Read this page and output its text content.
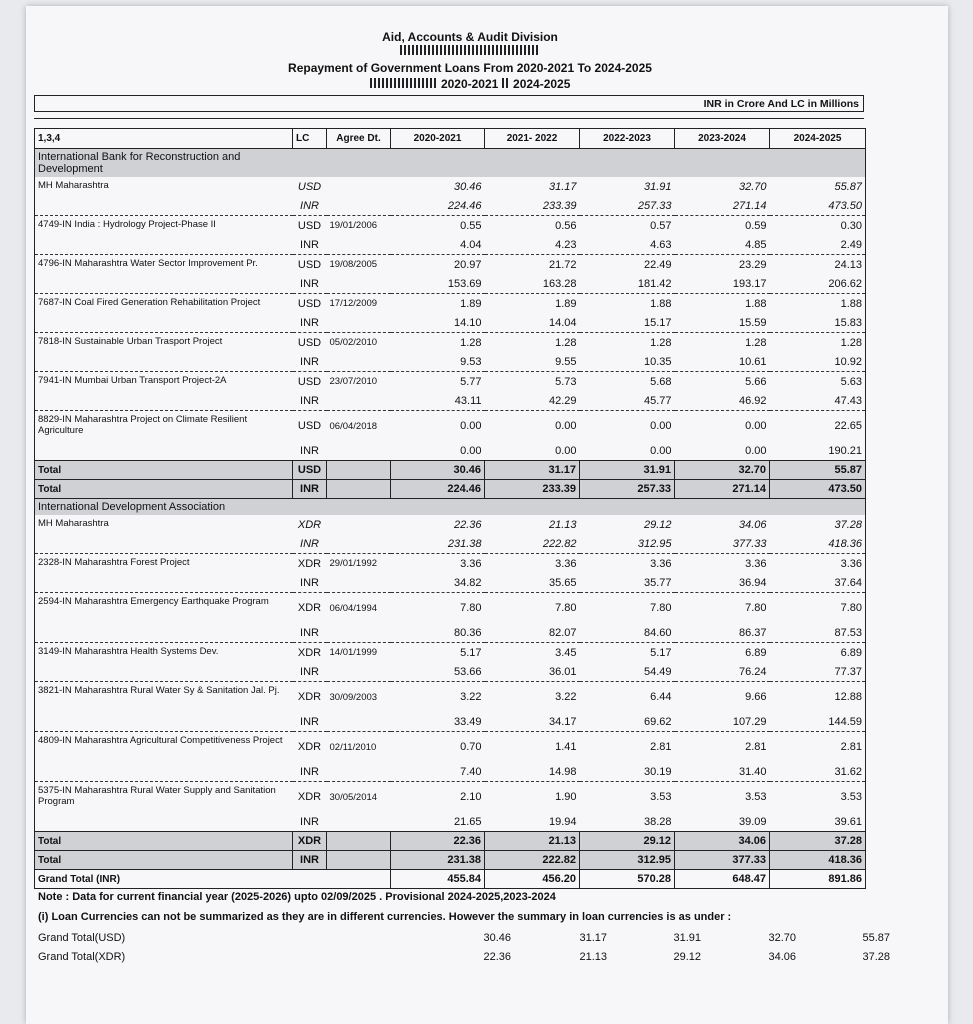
Aid, Accounts & Audit Division
Repayment of Government Loans From 2020-2021 To 2024-2025
2020-2021 2024-2025
INR in Crore And LC in Millions
1,3,4	LC	Agree Dt.	2020-2021	2021- 2022	2022-2023	2023-2024	2024-2025
International Bank for Reconstruction and Development							
MH Maharashtra	USD		30.46	31.17	31.91	32.70	55.87
	INR		224.46	233.39	257.33	271.14	473.50
4749-IN India : Hydrology Project-Phase II	USD	19/01/2006	0.55	0.56	0.57	0.59	0.30
	INR		4.04	4.23	4.63	4.85	2.49
4796-IN Maharashtra Water Sector Improvement Pr.	USD	19/08/2005	20.97	21.72	22.49	23.29	24.13
	INR		153.69	163.28	181.42	193.17	206.62
7687-IN Coal Fired Generation Rehabilitation Project	USD	17/12/2009	1.89	1.89	1.88	1.88	1.88
	INR		14.10	14.04	15.17	15.59	15.83
7818-IN Sustainable Urban Trasport Project	USD	05/02/2010	1.28	1.28	1.28	1.28	1.28
	INR		9.53	9.55	10.35	10.61	10.92
7941-IN Mumbai Urban Transport Project-2A	USD	23/07/2010	5.77	5.73	5.68	5.66	5.63
	INR		43.11	42.29	45.77	46.92	47.43
8829-IN Maharashtra Project on Climate Resilient Agriculture	USD	06/04/2018	0.00	0.00	0.00	0.00	22.65
	INR		0.00	0.00	0.00	0.00	190.21
Total	USD		30.46	31.17	31.91	32.70	55.87
Total	INR		224.46	233.39	257.33	271.14	473.50
International Development Association							
MH Maharashtra	XDR		22.36	21.13	29.12	34.06	37.28
	INR		231.38	222.82	312.95	377.33	418.36
2328-IN Maharashtra Forest Project	XDR	29/01/1992	3.36	3.36	3.36	3.36	3.36
	INR		34.82	35.65	35.77	36.94	37.64
2594-IN Maharashtra Emergency Earthquake Program	XDR	06/04/1994	7.80	7.80	7.80	7.80	7.80
	INR		80.36	82.07	84.60	86.37	87.53
3149-IN Maharashtra Health Systems Dev.	XDR	14/01/1999	5.17	3.45	5.17	6.89	6.89
	INR		53.66	36.01	54.49	76.24	77.37
3821-IN Maharashtra Rural Water Sy & Sanitation Jal. Pj.	XDR	30/09/2003	3.22	3.22	6.44	9.66	12.88
	INR		33.49	34.17	69.62	107.29	144.59
4809-IN Maharashtra Agricultural Competitiveness Project	XDR	02/11/2010	0.70	1.41	2.81	2.81	2.81
	INR		7.40	14.98	30.19	31.40	31.62
5375-IN Maharashtra Rural Water Supply and Sanitation Program	XDR	30/05/2014	2.10	1.90	3.53	3.53	3.53
	INR		21.65	19.94	38.28	39.09	39.61
Total	XDR		22.36	21.13	29.12	34.06	37.28
Total	INR		231.38	222.82	312.95	377.33	418.36
Grand Total (INR)			455.84	456.20	570.28	648.47	891.86
Note : Data for current financial year (2025-2026) upto 02/09/2025 . Provisional 2024-2025,2023-2024
(i) Loan Currencies can not be summarized as they are in different currencies. However the summary in loan currencies is as under :
Grand Total(USD)	30.46	31.17	31.91	32.70	55.87
Grand Total(XDR)	22.36	21.13	29.12	34.06	37.28
